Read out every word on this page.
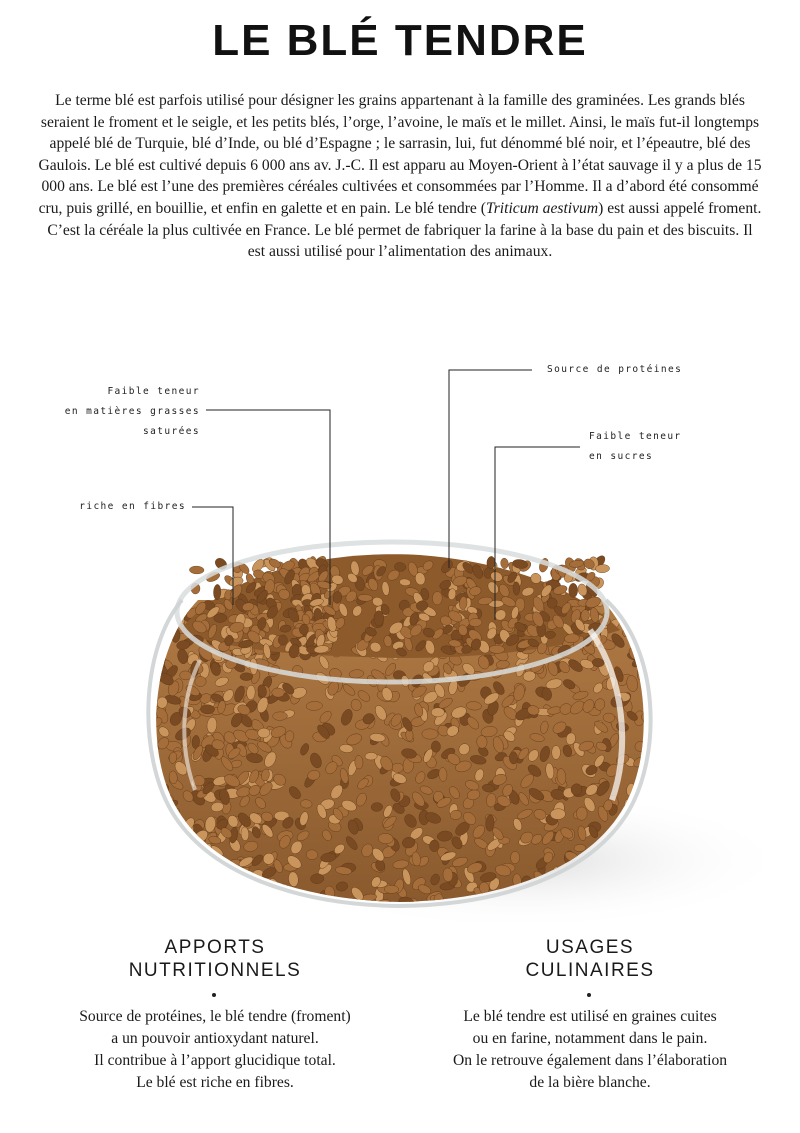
LE BLÉ TENDRE

Le terme blé est parfois utilisé pour désigner les grains appartenant à la famille des graminées. Les grands blés seraient le froment et le seigle, et les petits blés, l’orge, l’avoine, le maïs et le millet. Ainsi, le maïs fut-il longtemps appelé blé de Turquie, blé d’Inde, ou blé d’Espagne ; le sarrasin, lui, fut dénommé blé noir, et l’épeautre, blé des Gaulois. Le blé est cultivé depuis 6 000 ans av. J.-C. Il est apparu au Moyen-Orient à l’état sauvage il y a plus de 15 000 ans. Le blé est l’une des premières céréales cultivées et consommées par l’Homme. Il a d’abord été consommé cru, puis grillé, en bouillie, et enfin en galette et en pain. Le blé tendre (Triticum aestivum) est aussi appelé froment. C’est la céréale la plus cultivée en France. Le blé permet de fabriquer la farine à la base du pain et des biscuits. Il est aussi utilisé pour l’alimentation des animaux.

Source de protéines

Faible teneur
en matières grasses
saturées	Faible teneur
en sucres

riche en fibres

APPORTS
NUTRITIONNELS

Source de protéines, le blé tendre (froment)
a un pouvoir antioxydant naturel.
Il contribue à l’apport glucidique total.
Le blé est riche en fibres.

USAGES
CULINAIRES

Le blé tendre est utilisé en graines cuites
ou en farine, notamment dans le pain.
On le retrouve également dans l’élaboration
de la bière blanche.
